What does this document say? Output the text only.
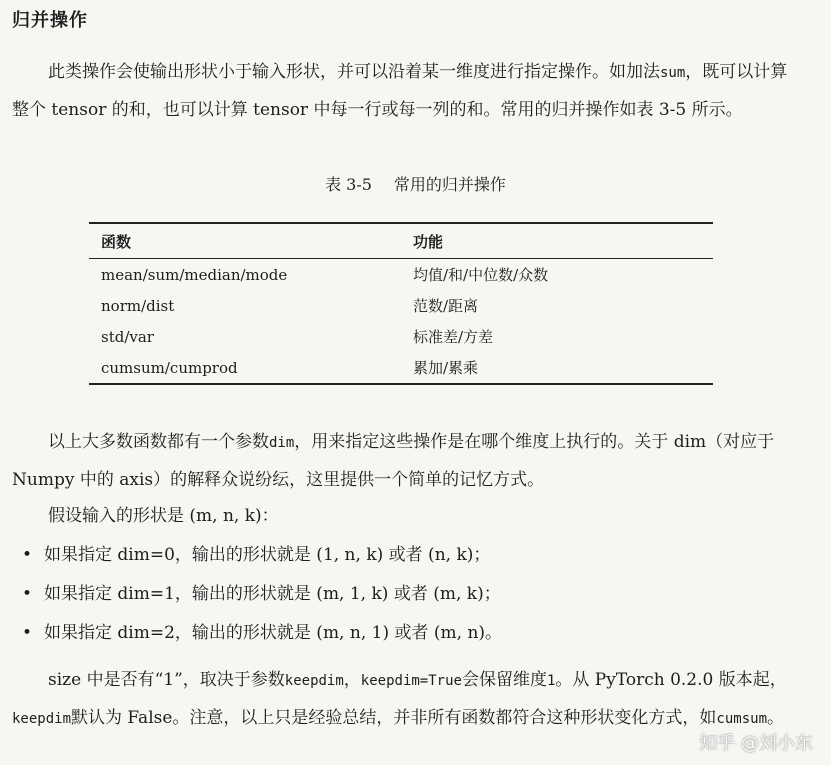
归并操作

此类操作会使输出形状小于输入形状，并可以沿着某一维度进行指定操作。如加法sum，既可以计算整个 tensor 的和，也可以计算 tensor 中每一行或每一列的和。常用的归并操作如表 3-5 所示。

表 3-5 常用的归并操作
函数	功能
mean/sum/median/mode	均值/和/中位数/众数
norm/dist	范数/距离
std/var	标准差/方差
cumsum/cumprod	累加/累乘

以上大多数函数都有一个参数dim，用来指定这些操作是在哪个维度上执行的。关于 dim（对应于 Numpy 中的 axis）的解释众说纷纭，这里提供一个简单的记忆方式。

假设输入的形状是 (m, n, k)：

• 如果指定 dim=0，输出的形状就是 (1, n, k) 或者 (n, k)；
• 如果指定 dim=1，输出的形状就是 (m, 1, k) 或者 (m, k)；
• 如果指定 dim=2，输出的形状就是 (m, n, 1) 或者 (m, n)。

size 中是否有“1”，取决于参数keepdim，keepdim=True会保留维度1。从 PyTorch 0.2.0 版本起，keepdim默认为 False。注意，以上只是经验总结，并非所有函数都符合这种形状变化方式，如cumsum。

知乎 @刘小东
